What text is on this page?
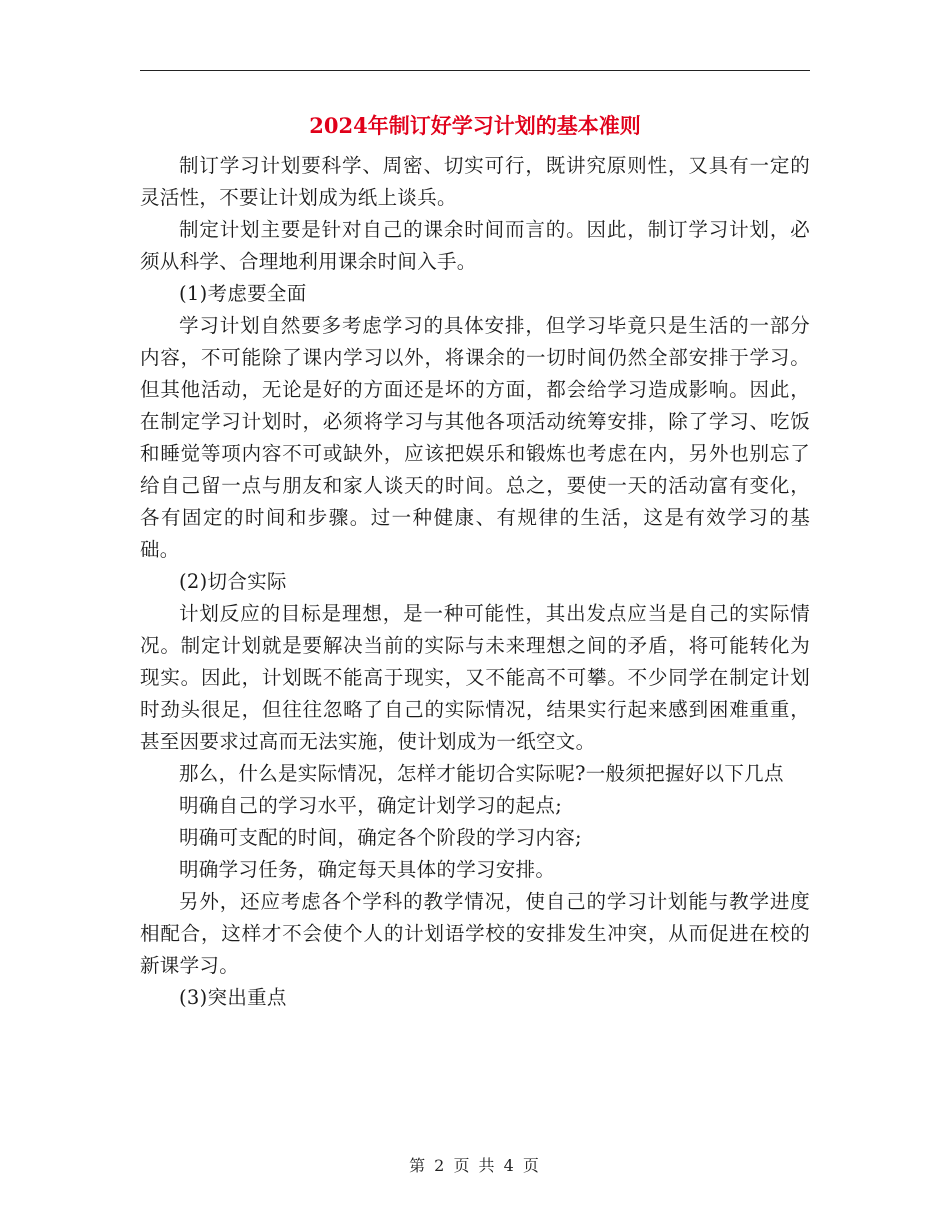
2024年制订好学习计划的基本准则

制订学习计划要科学、周密、切实可行，既讲究原则性，又具有一定的灵活性，不要让计划成为纸上谈兵。

制定计划主要是针对自己的课余时间而言的。因此，制订学习计划，必须从科学、合理地利用课余时间入手。

(1)考虑要全面

学习计划自然要多考虑学习的具体安排，但学习毕竟只是生活的一部分内容，不可能除了课内学习以外，将课余的一切时间仍然全部安排于学习。但其他活动，无论是好的方面还是坏的方面，都会给学习造成影响。因此，在制定学习计划时，必须将学习与其他各项活动统筹安排，除了学习、吃饭和睡觉等项内容不可或缺外，应该把娱乐和锻炼也考虑在内，另外也别忘了给自己留一点与朋友和家人谈天的时间。总之，要使一天的活动富有变化，各有固定的时间和步骤。过一种健康、有规律的生活，这是有效学习的基础。

(2)切合实际

计划反应的目标是理想，是一种可能性，其出发点应当是自己的实际情况。制定计划就是要解决当前的实际与未来理想之间的矛盾，将可能转化为现实。因此，计划既不能高于现实，又不能高不可攀。不少同学在制定计划时劲头很足，但往往忽略了自己的实际情况，结果实行起来感到困难重重，甚至因要求过高而无法实施，使计划成为一纸空文。

那么，什么是实际情况，怎样才能切合实际呢?一般须把握好以下几点

明确自己的学习水平，确定计划学习的起点;

明确可支配的时间，确定各个阶段的学习内容;

明确学习任务，确定每天具体的学习安排。

另外，还应考虑各个学科的教学情况，使自己的学习计划能与教学进度相配合，这样才不会使个人的计划语学校的安排发生冲突，从而促进在校的新课学习。

(3)突出重点

第 2 页 共 4 页
